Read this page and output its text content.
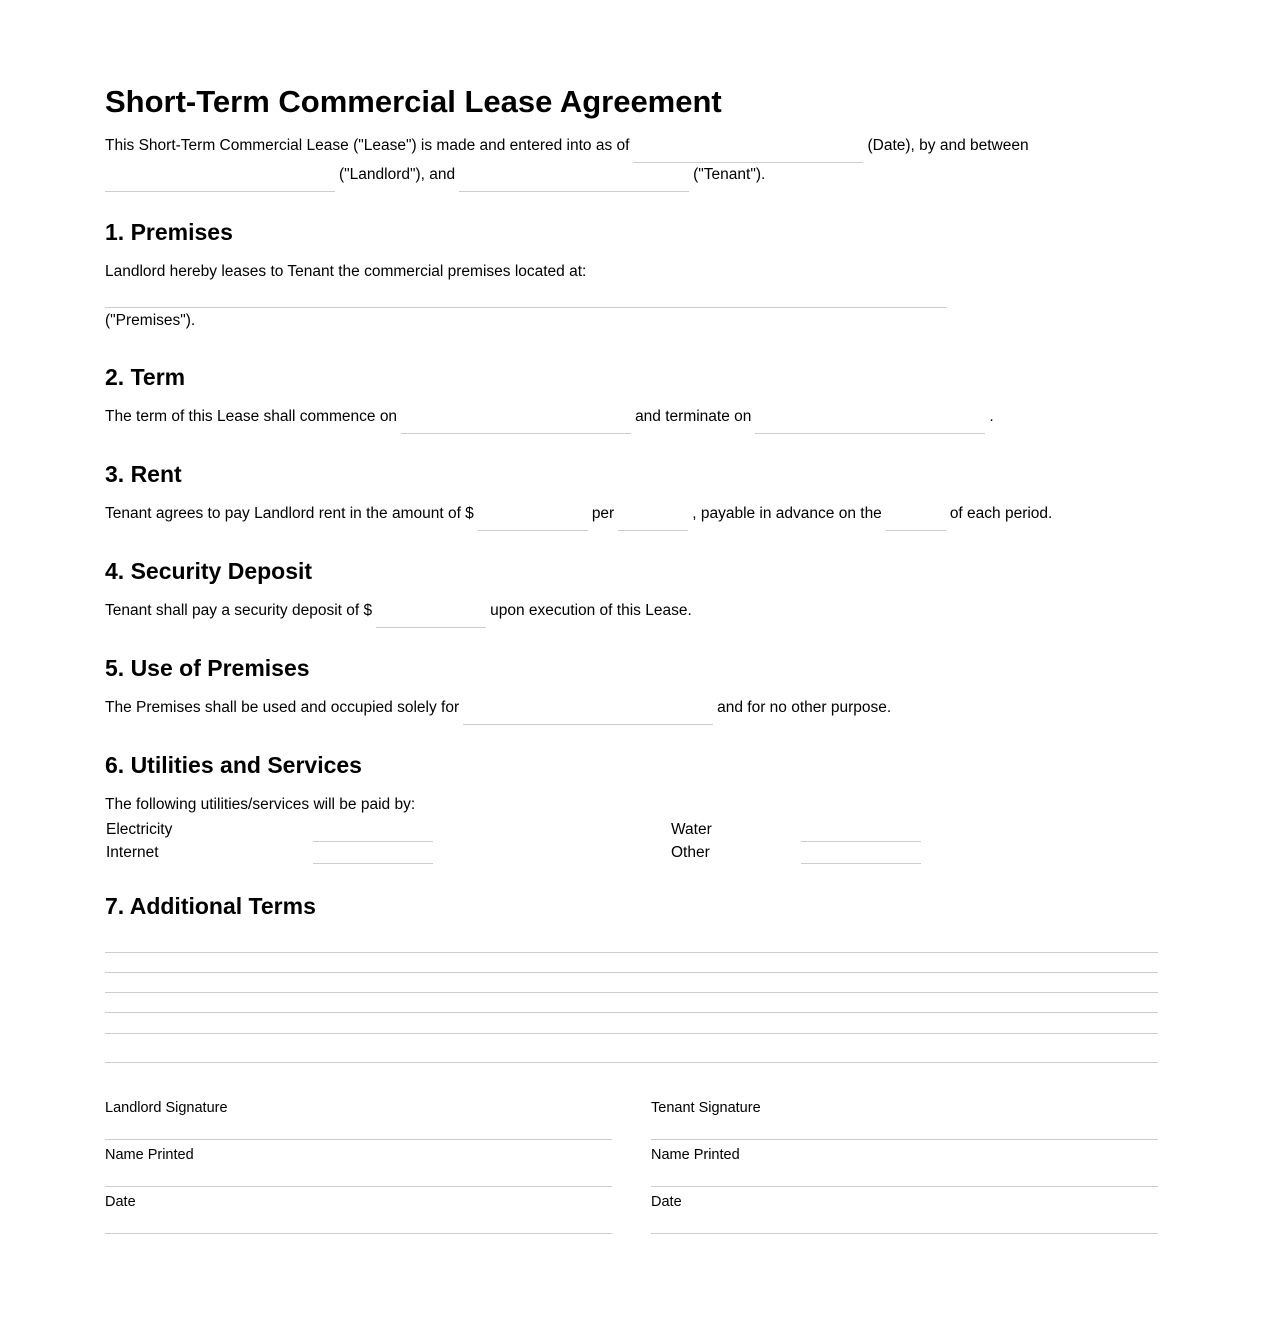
Short-Term Commercial Lease Agreement
This Short-Term Commercial Lease ("Lease") is made and entered into as of	(Date), by and between
("Landlord"), and	("Tenant").
1. Premises
Landlord hereby leases to Tenant the commercial premises located at:
("Premises").
2. Term
The term of this Lease shall commence on	and terminate on	.
3. Rent
Tenant agrees to pay Landlord rent in the amount of $	per	, payable in advance on the	of each period.
4. Security Deposit
Tenant shall pay a security deposit of $	upon execution of this Lease.
5. Use of Premises
The Premises shall be used and occupied solely for	and for no other purpose.
6. Utilities and Services
The following utilities/services will be paid by:
Electricity	Water
Internet	Other
7. Additional Terms
Landlord Signature
Name Printed
Date
Tenant Signature
Name Printed
Date
